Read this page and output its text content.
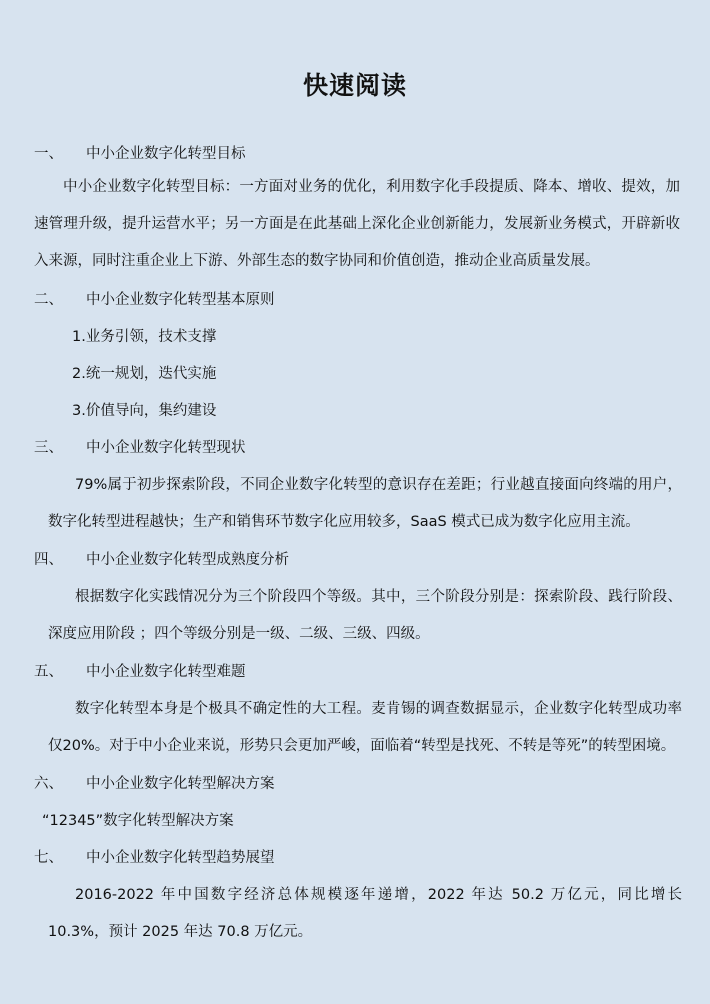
快速阅读
一、 中小企业数字化转型目标

中小企业数字化转型目标：一方面对业务的优化，利用数字化手段提质、降本、增收、提效，加速管理升级，提升运营水平；另一方面是在此基础上深化企业创新能力，发展新业务模式，开辟新收入来源，同时注重企业上下游、外部生态的数字协同和价值创造，推动企业高质量发展。

二、 中小企业数字化转型基本原则
1.业务引领，技术支撑
2.统一规划，迭代实施
3.价值导向，集约建设
三、 中小企业数字化转型现状

79%属于初步探索阶段，不同企业数字化转型的意识存在差距；行业越直接面向终端的用户，数字化转型进程越快；生产和销售环节数字化应用较多，SaaS 模式已成为数字化应用主流。

四、 中小企业数字化转型成熟度分析

根据数字化实践情况分为三个阶段四个等级。其中，三个阶段分别是：探索阶段、践行阶段、深度应用阶段 ；四个等级分别是一级、二级、三级、四级。

五、 中小企业数字化转型难题

数字化转型本身是个极具不确定性的大工程。麦肯锡的调查数据显示，企业数字化转型成功率仅20%。对于中小企业来说，形势只会更加严峻，面临着“转型是找死、不转是等死”的转型困境。

六、 中小企业数字化转型解决方案
“12345”数字化转型解决方案
七、 中小企业数字化转型趋势展望

2016-2022 年中国数字经济总体规模逐年递增，2022 年达 50.2 万亿元，同比增长 10.3%，预计 2025 年达 70.8 万亿元。
